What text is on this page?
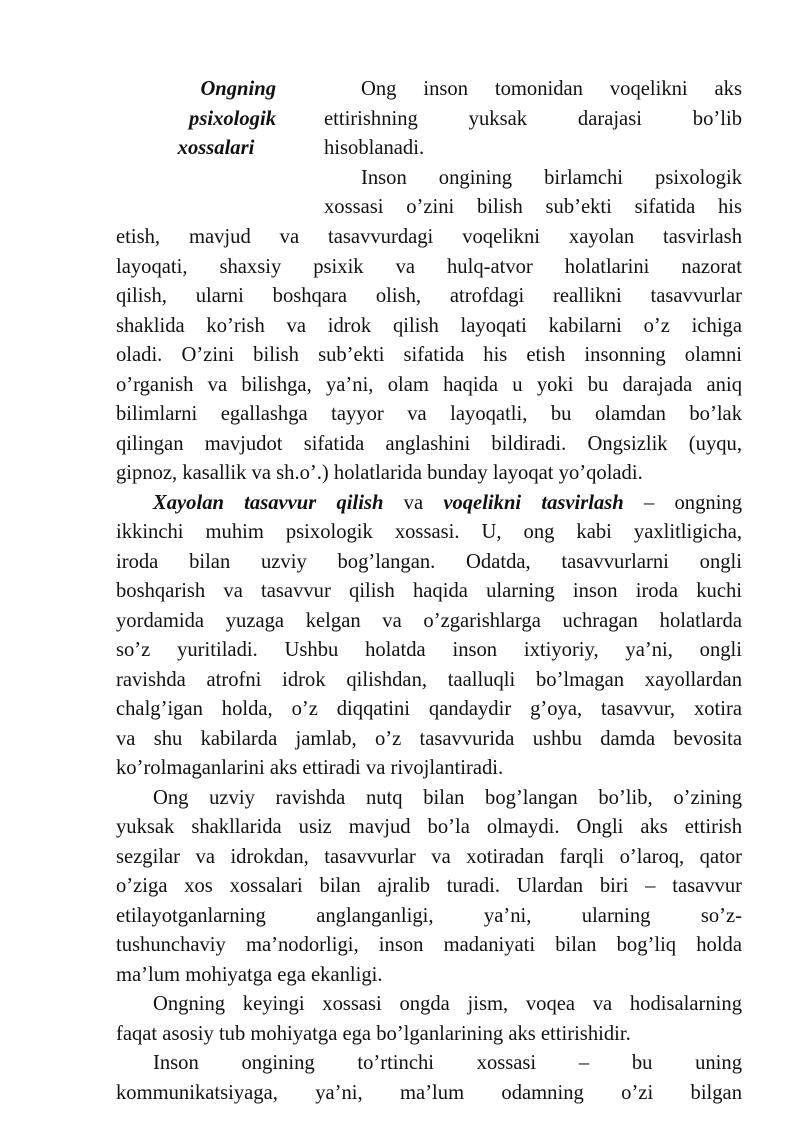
Ongning
psixologik
xossalari
Ong inson tomonidan voqelikni aks
ettirishning yuksak darajasi bo’lib
hisoblanadi.
Inson ongining birlamchi psixologik
xossasi o’zini bilish sub’ekti sifatida his
etish, mavjud va tasavvurdagi voqelikni xayolan tasvirlash
layoqati, shaxsiy psixik va hulq-atvor holatlarini nazorat
qilish, ularni boshqara olish, atrofdagi reallikni tasavvurlar
shaklida ko’rish va idrok qilish layoqati kabilarni o’z ichiga
oladi. O’zini bilish sub’ekti sifatida his etish insonning olamni
o’rganish va bilishga, ya’ni, olam haqida u yoki bu darajada aniq
bilimlarni egallashga tayyor va layoqatli, bu olamdan bo’lak
qilingan mavjudot sifatida anglashini bildiradi. Ongsizlik (uyqu,
gipnoz, kasallik va sh.o’.) holatlarida bunday layoqat yo’qoladi.
Xayolan tasavvur qilish va voqelikni tasvirlash – ongning
ikkinchi muhim psixologik xossasi. U, ong kabi yaxlitligicha,
iroda bilan uzviy bog’langan. Odatda, tasavvurlarni ongli
boshqarish va tasavvur qilish haqida ularning inson iroda kuchi
yordamida yuzaga kelgan va o’zgarishlarga uchragan holatlarda
so’z yuritiladi. Ushbu holatda inson ixtiyoriy, ya’ni, ongli
ravishda atrofni idrok qilishdan, taalluqli bo’lmagan xayollardan
chalg’igan holda, o’z diqqatini qandaydir g’oya, tasavvur, xotira
va shu kabilarda jamlab, o’z tasavvurida ushbu damda bevosita
ko’rolmaganlarini aks ettiradi va rivojlantiradi.
Ong uzviy ravishda nutq bilan bog’langan bo’lib, o’zining
yuksak shakllarida usiz mavjud bo’la olmaydi. Ongli aks ettirish
sezgilar va idrokdan, tasavvurlar va xotiradan farqli o’laroq, qator
o’ziga xos xossalari bilan ajralib turadi. Ulardan biri – tasavvur
etilayotganlarning anglanganligi, ya’ni, ularning so’z-
tushunchaviy ma’nodorligi, inson madaniyati bilan bog’liq holda
ma’lum mohiyatga ega ekanligi.
Ongning keyingi xossasi ongda jism, voqea va hodisalarning
faqat asosiy tub mohiyatga ega bo’lganlarining aks ettirishidir.
Inson ongining to’rtinchi xossasi – bu uning
kommunikatsiyaga, ya’ni, ma’lum odamning o’zi bilgan
